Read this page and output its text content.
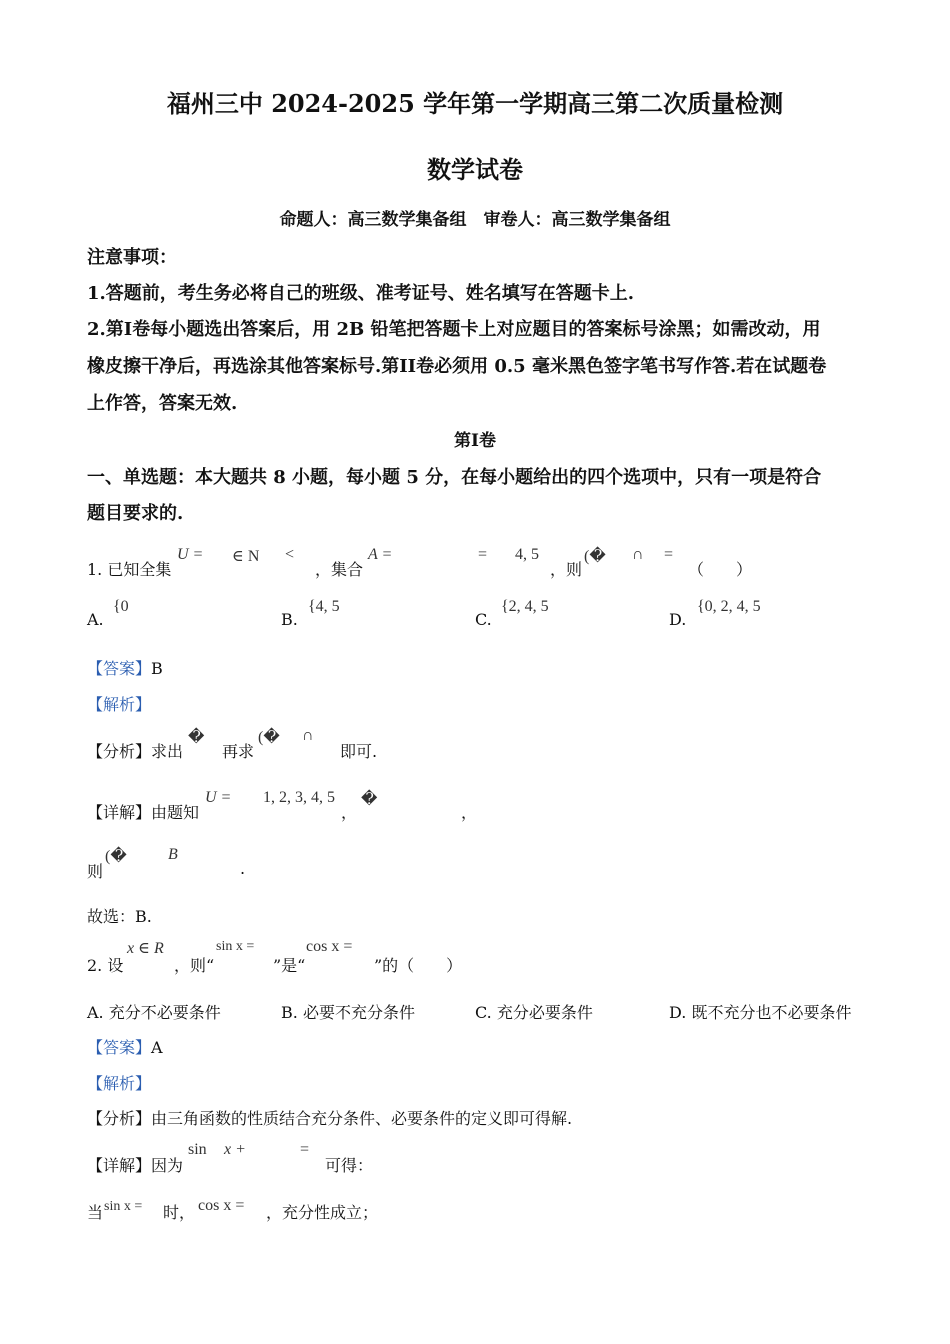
福州三中 2024-2025 学年第一学期高三第二次质量检测
数学试卷
命题人：高三数学集备组　审卷人：高三数学集备组
注意事项：
1.答题前，考生务必将自己的班级、准考证号、姓名填写在答题卡上.
2.第I卷每小题选出答案后，用 2B 铅笔把答题卡上对应题目的答案标号涂黑；如需改动，用
橡皮擦干净后，再选涂其他答案标号.第II卷必须用 0.5 毫米黑色签字笔书写作答.若在试题卷
上作答，答案无效.
第I卷
一、单选题：本大题共 8 小题，每小题 5 分，在每小题给出的四个选项中，只有一项是符合
题目要求的.
1. 已知全集
U = ∈ N <
，集合
A =	= 4, 5
，则
(� ∩ =
（　　）
A.
{0
B.
{4, 5
C.
{2, 4, 5
D.
{0, 2, 4, 5
【答案】B
【解析】
【分析】求出
�
再求
(� ∩
即可.
【详解】由题知
U = 1, 2, 3, 4, 5
，
�
，
则
(�	B
.
故选：B.
2. 设
x ∈ R
，则“
sin x =
”是“
cos x =
”的（　　）
A. 充分不必要条件	B. 必要不充分条件	C. 充分必要条件	D. 既不充分也不必要条件
【答案】A
【解析】
【分析】由三角函数的性质结合充分条件、必要条件的定义即可得解.
【详解】因为
sin x +	=
可得：
当 sin x = 时， cos x = ，充分性成立；
